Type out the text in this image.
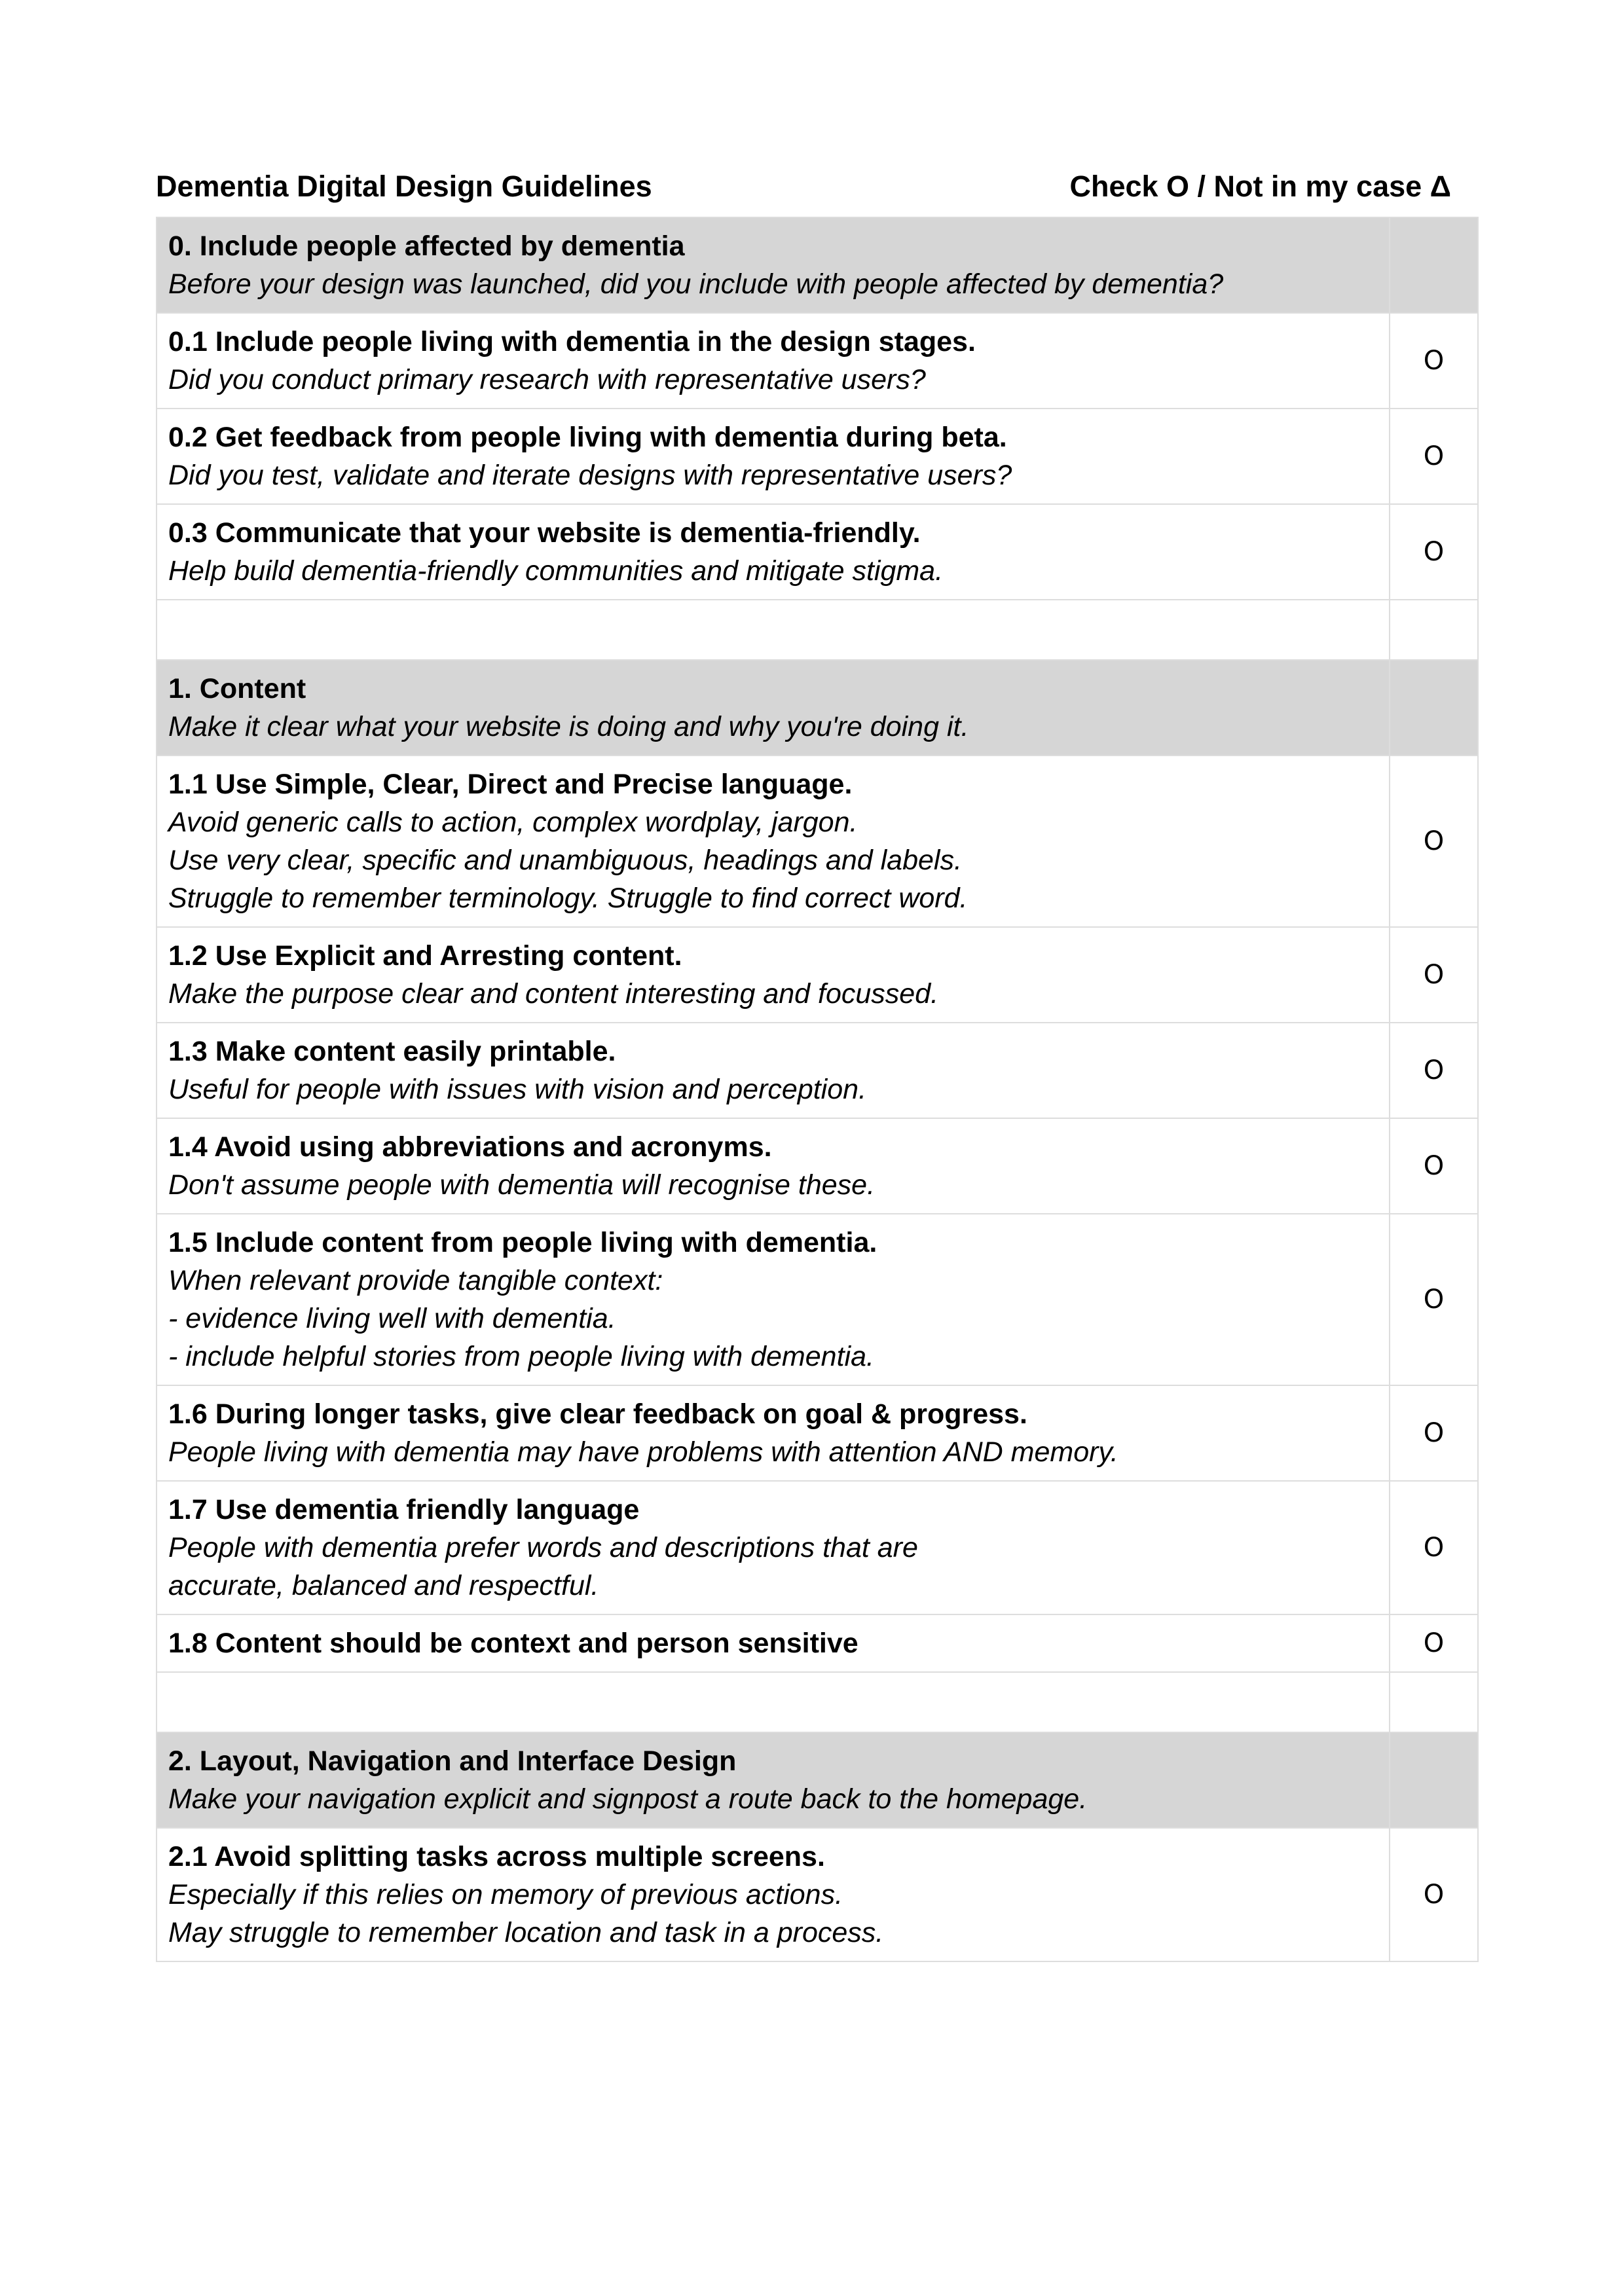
Dementia Digital Design Guidelines	Check O / Not in my case Δ
0. Include people affected by dementia
Before your design was launched, did you include with people affected by dementia?	

0.1 Include people living with dementia in the design stages.
Did you conduct primary research with representative users?	O

0.2 Get feedback from people living with dementia during beta.
Did you test, validate and iterate designs with representative users?	O

0.3 Communicate that your website is dementia-friendly.
Help build dementia-friendly communities and mitigate stigma.	O

1. Content
Make it clear what your website is doing and why you're doing it.	

1.1 Use Simple, Clear, Direct and Precise language.
Avoid generic calls to action, complex wordplay, jargon.
Use very clear, specific and unambiguous, headings and labels.
Struggle to remember terminology. Struggle to find correct word.	O

1.2 Use Explicit and Arresting content.
Make the purpose clear and content interesting and focussed.	O

1.3 Make content easily printable.
Useful for people with issues with vision and perception.	O

1.4 Avoid using abbreviations and acronyms.
Don't assume people with dementia will recognise these.	O

1.5 Include content from people living with dementia.
When relevant provide tangible context:
- evidence living well with dementia.
- include helpful stories from people living with dementia.	O

1.6 During longer tasks, give clear feedback on goal & progress.
People living with dementia may have problems with attention AND memory.	O

1.7 Use dementia friendly language
People with dementia prefer words and descriptions that are
accurate, balanced and respectful.	O

1.8 Content should be context and person sensitive	O

2. Layout, Navigation and Interface Design
Make your navigation explicit and signpost a route back to the homepage.	

2.1 Avoid splitting tasks across multiple screens.
Especially if this relies on memory of previous actions.
May struggle to remember location and task in a process.	O
